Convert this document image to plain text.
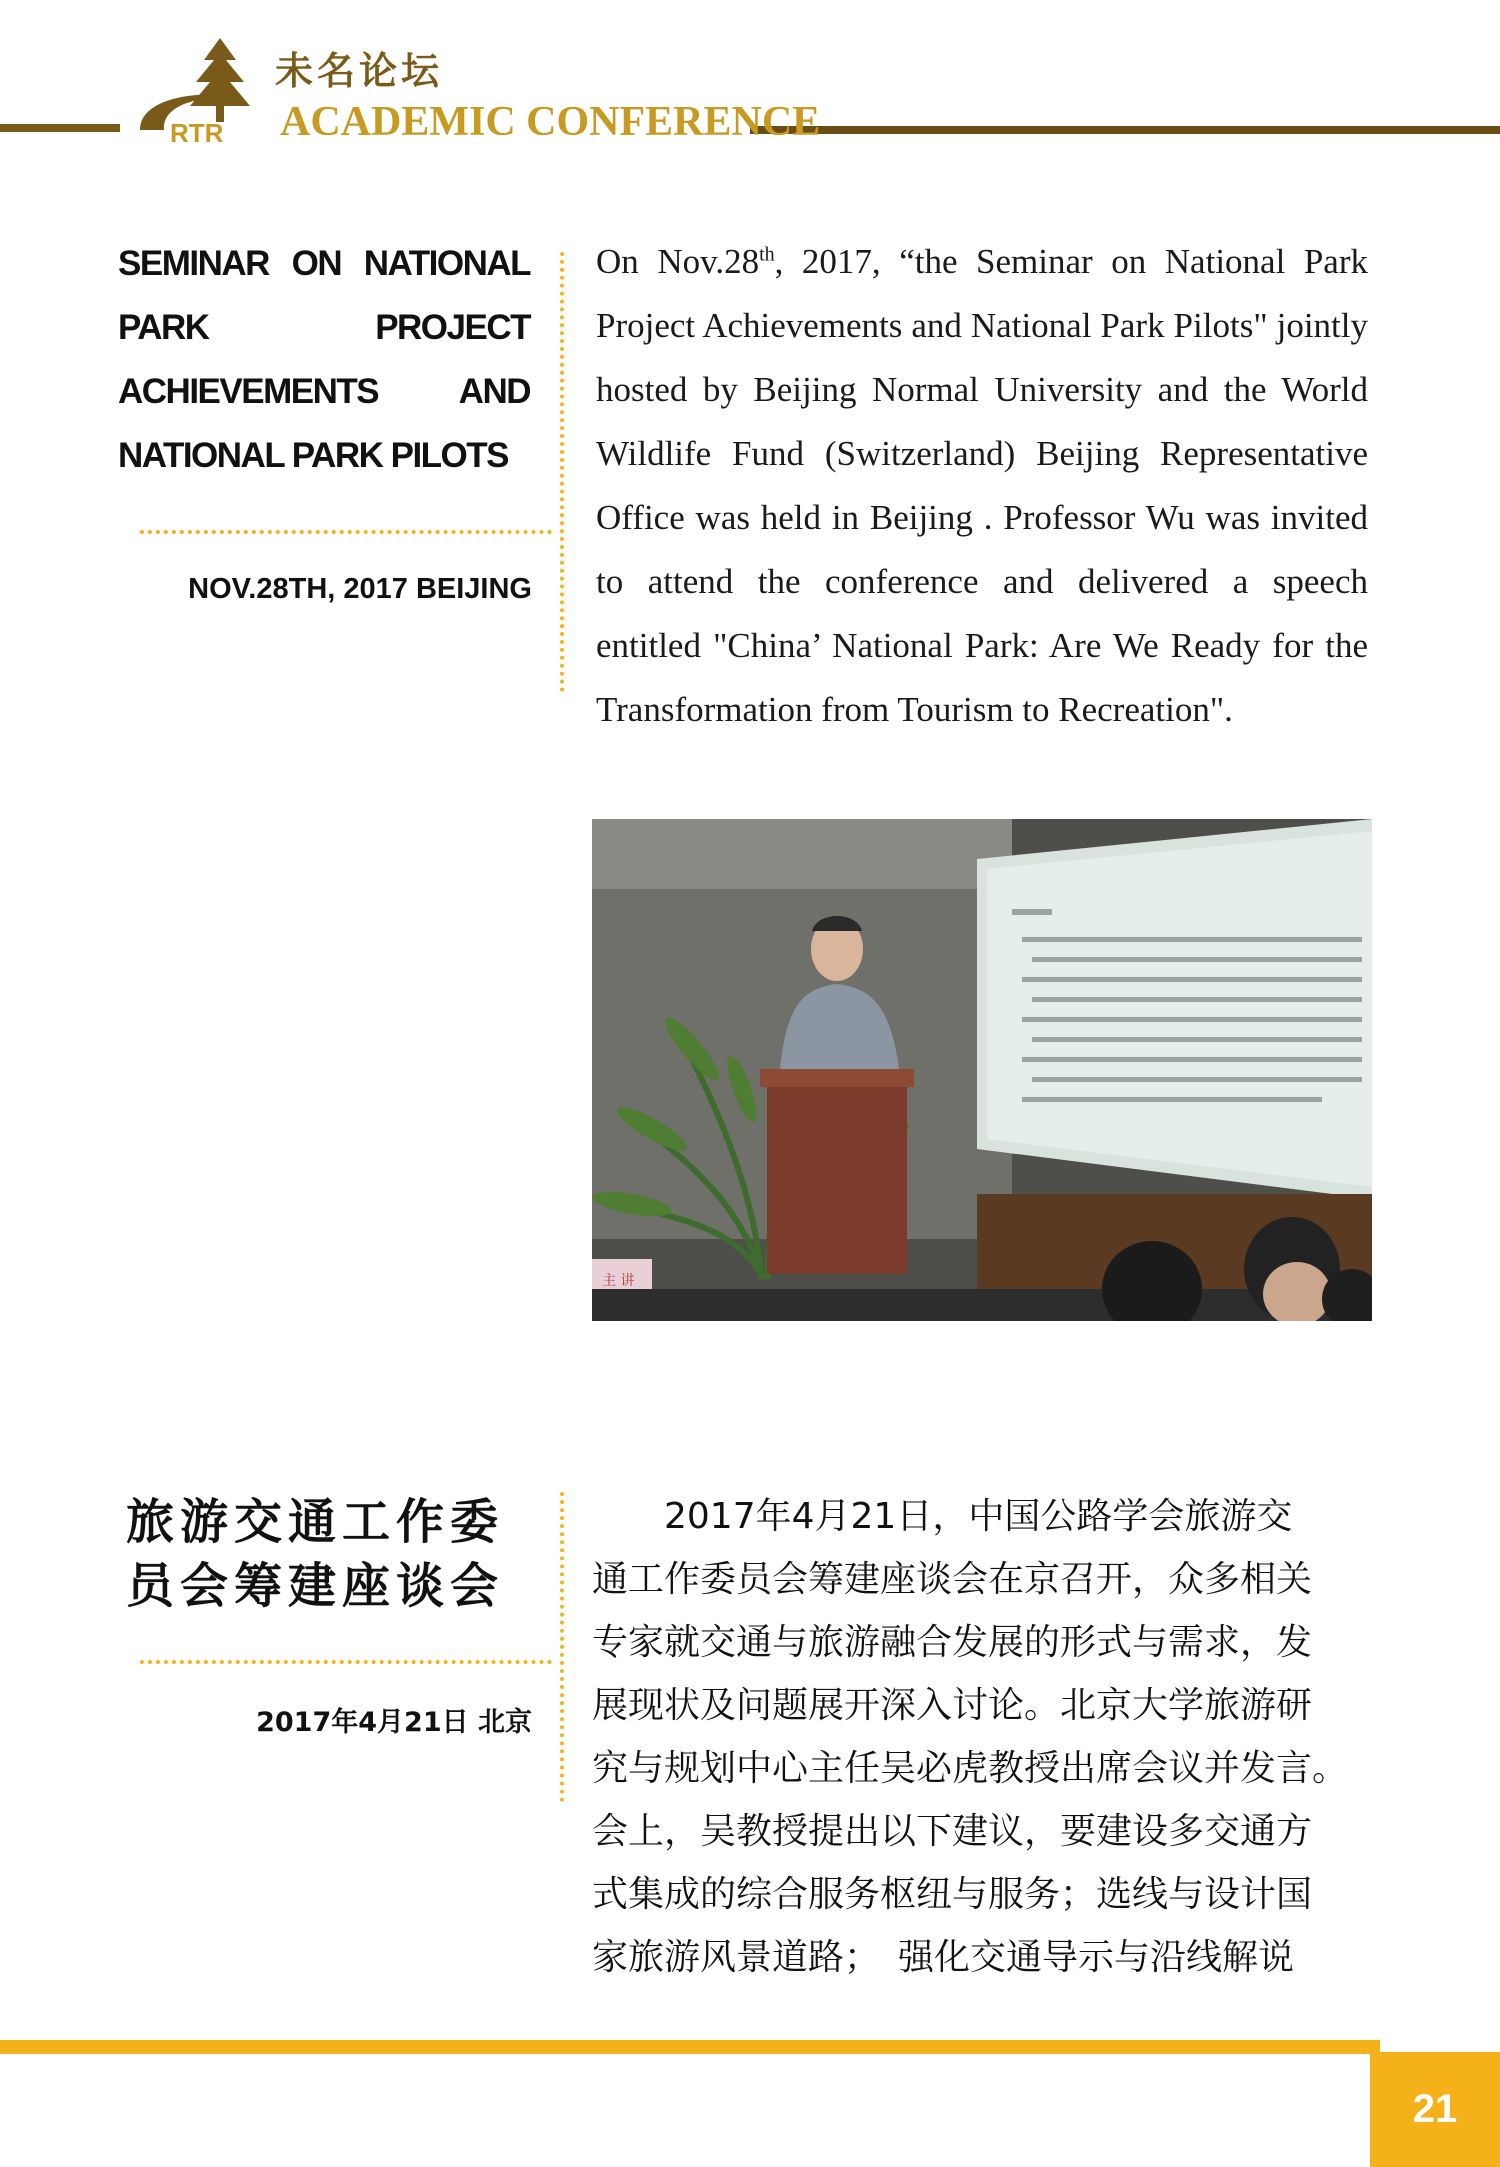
RTR
未名论坛
ACADEMIC CONFERENCE
SEMINAR ON NATIONAL
PARK PROJECT
ACHIEVEMENTS AND
NATIONAL PARK PILOTS
NOV.28TH, 2017 BEIJING
On Nov.28th, 2017, “the Seminar on National Park Project Achievements and National Park Pilots" jointly hosted by Beijing Normal University and the World Wildlife Fund (Switzerland) Beijing Representative Office was held in Beijing . Professor Wu was invited to attend the conference and delivered a speech entitled "China’ National Park: Are We Ready for the Transformation from Tourism to Recreation".
主 讲
旅游交通工作委
员会筹建座谈会
2017年4月21日 北京
　　2017年4月21日，中国公路学会旅游交
通工作委员会筹建座谈会在京召开，众多相关
专家就交通与旅游融合发展的形式与需求，发
展现状及问题展开深入讨论。北京大学旅游研
究与规划中心主任吴必虎教授出席会议并发言。
会上，吴教授提出以下建议，要建设多交通方
式集成的综合服务枢纽与服务；选线与设计国
家旅游风景道路；　强化交通导示与沿线解说
21
